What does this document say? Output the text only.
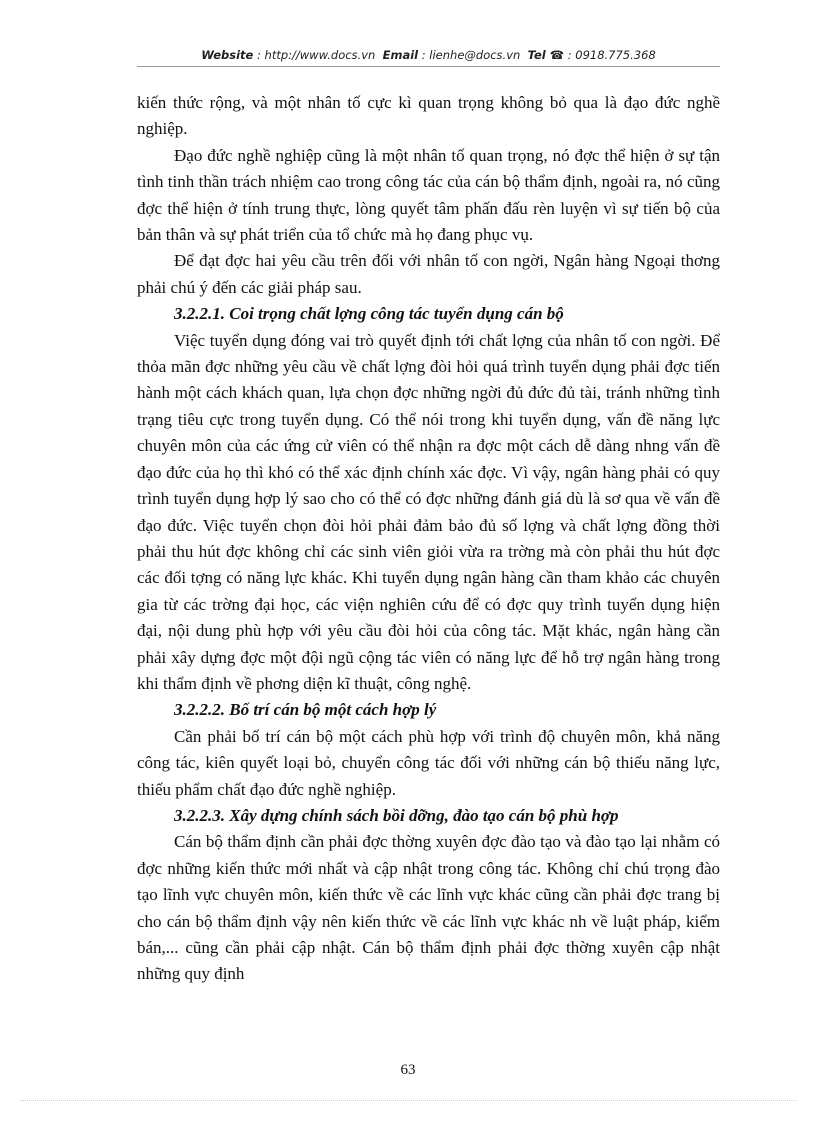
Website : http://www.docs.vn Email : lienhe@docs.vn Tel ☎ : 0918.775.368

kiến thức rộng, và một nhân tố cực kì quan trọng không bỏ qua là đạo đức nghề nghiệp.

Đạo đức nghề nghiệp cũng là một nhân tố quan trọng, nó đợc thể hiện ở sự tận tình tinh thần trách nhiệm cao trong công tác của cán bộ thẩm định, ngoài ra, nó cũng đợc thể hiện ở tính trung thực, lòng quyết tâm phấn đấu rèn luyện vì sự tiến bộ của bản thân và sự phát triển của tổ chức mà họ đang phục vụ.

Để đạt đợc hai yêu cầu trên đối với nhân tố con ngời, Ngân hàng Ngoại thơng phải chú ý đến các giải pháp sau.

3.2.2.1. Coi trọng chất lợng công tác tuyển dụng cán bộ

Việc tuyển dụng đóng vai trò quyết định tới chất lợng của nhân tố con ngời. Để thỏa mãn đợc những yêu cầu về chất lợng đòi hỏi quá trình tuyển dụng phải đợc tiến hành một cách khách quan, lựa chọn đợc những ngời đủ đức đủ tài, tránh những tình trạng tiêu cực trong tuyển dụng. Có thể nói trong khi tuyển dụng, vấn đề năng lực chuyên môn của các ứng cử viên có thể nhận ra đợc một cách dễ dàng nhng vấn đề đạo đức của họ thì khó có thể xác định chính xác đợc. Vì vậy, ngân hàng phải có quy trình tuyển dụng hợp lý sao cho có thể có đợc những đánh giá dù là sơ qua về vấn đề đạo đức. Việc tuyển chọn đòi hỏi phải đảm bảo đủ số lợng và chất lợng đồng thời phải thu hút đợc không chỉ các sinh viên giỏi vừa ra trờng mà còn phải thu hút đợc các đối tợng có năng lực khác. Khi tuyển dụng ngân hàng cần tham khảo các chuyên gia từ các trờng đại học, các viện nghiên cứu để có đợc quy trình tuyển dụng hiện đại, nội dung phù hợp với yêu cầu đòi hỏi của công tác. Mặt khác, ngân hàng cần phải xây dựng đợc một đội ngũ cộng tác viên có năng lực để hỗ trợ ngân hàng trong khi thẩm định về phơng diện kĩ thuật, công nghệ.

3.2.2.2. Bố trí cán bộ một cách hợp lý

Cần phải bố trí cán bộ một cách phù hợp với trình độ chuyên môn, khả năng công tác, kiên quyết loại bỏ, chuyển công tác đối với những cán bộ thiếu năng lực, thiếu phẩm chất đạo đức nghề nghiệp.

3.2.2.3. Xây dựng chính sách bồi dỡng, đào tạo cán bộ phù hợp

Cán bộ thẩm định cần phải đợc thờng xuyên đợc đào tạo và đào tạo lại nhằm có đợc những kiến thức mới nhất và cập nhật trong công tác. Không chỉ chú trọng đào tạo lĩnh vực chuyên môn, kiến thức về các lĩnh vực khác cũng cần phải đợc trang bị cho cán bộ thẩm định vậy nên kiến thức về các lĩnh vực khác nh về luật pháp, kiểm bán,... cũng cần phải cập nhật. Cán bộ thẩm định phải đợc thờng xuyên cập nhật những quy định

63
